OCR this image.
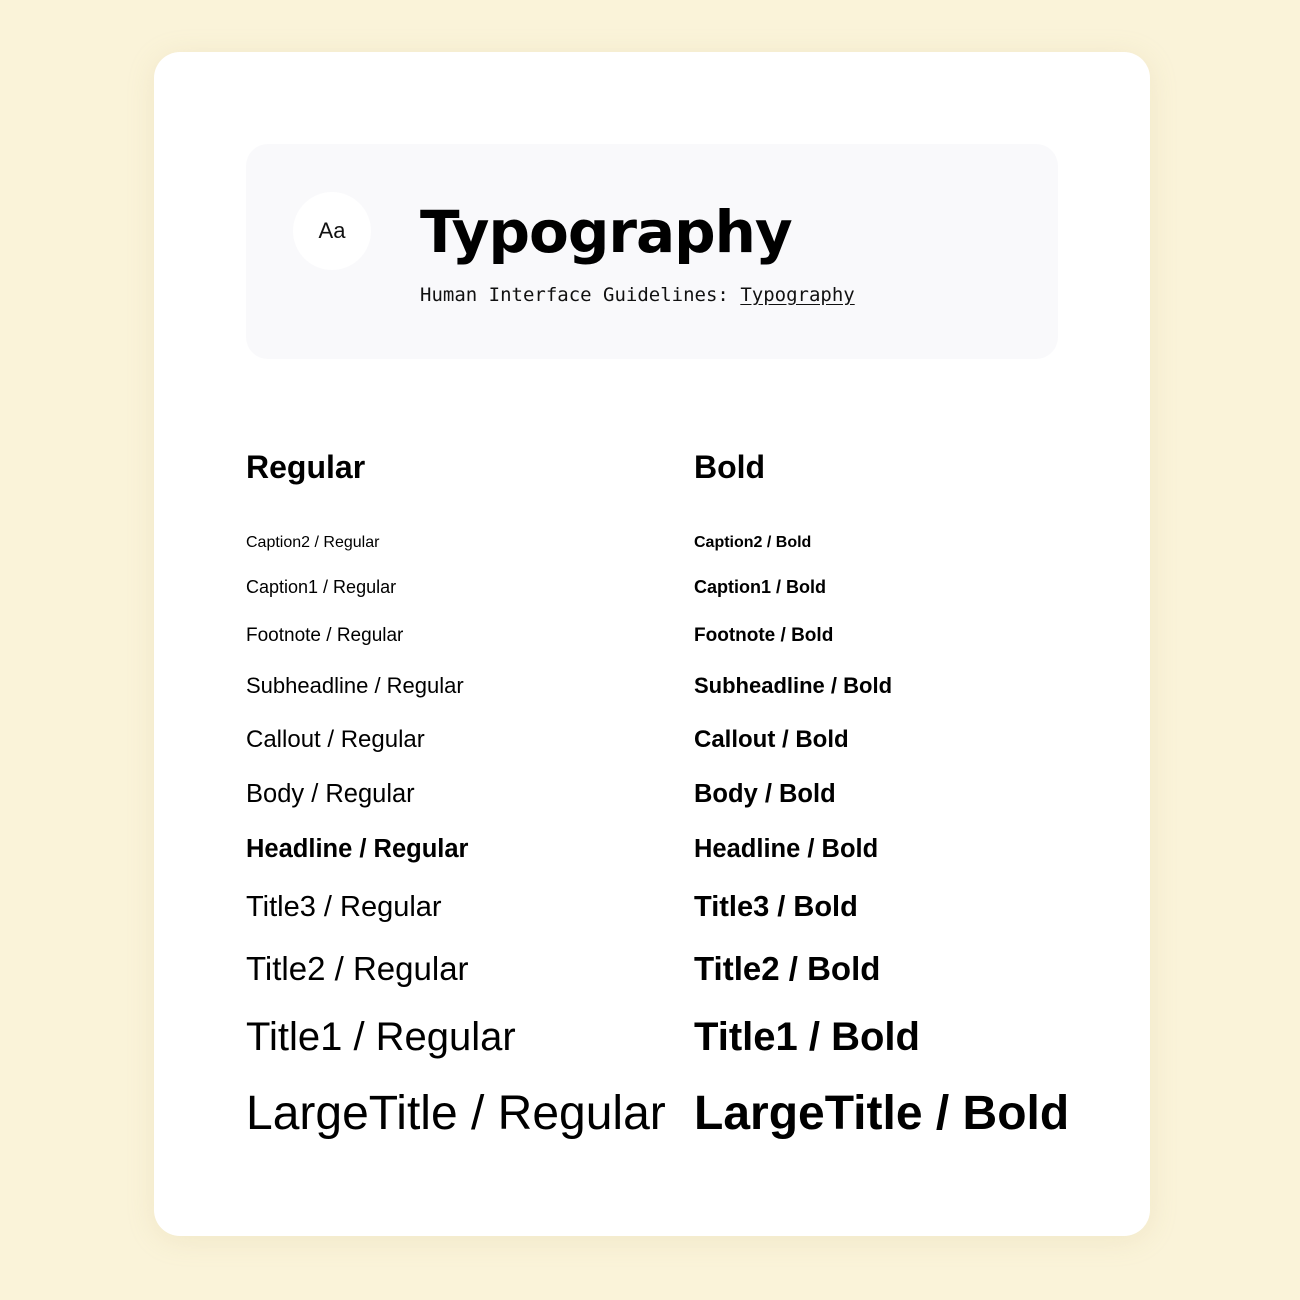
Aa	Typography
Human Interface Guidelines: Typography
Regular

Caption2 / Regular

Caption1 / Regular

Footnote / Regular

Subheadline / Regular

Callout / Regular

Body / Regular

Headline / Regular

Title3 / Regular

Title2 / Regular

Title1 / Regular

LargeTitle / Regular

Bold

Caption2 / Bold

Caption1 / Bold

Footnote / Bold

Subheadline / Bold

Callout / Bold

Body / Bold

Headline / Bold

Title3 / Bold

Title2 / Bold

Title1 / Bold

LargeTitle / Bold
